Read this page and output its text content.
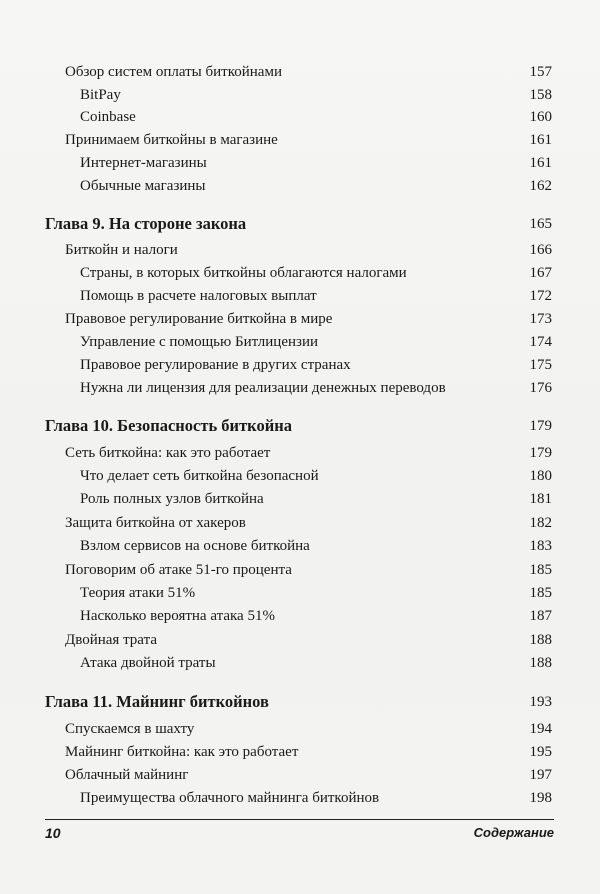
Обзор систем оплаты биткойнами	157
BitPay	158
Coinbase	160
Принимаем биткойны в магазине	161
Интернет-магазины	161
Обычные магазины	162
Глава 9. На стороне закона	165
Биткойн и налоги	166
Страны, в которых биткойны облагаются налогами	167
Помощь в расчете налоговых выплат	172
Правовое регулирование биткойна в мире	173
Управление с помощью Битлицензии	174
Правовое регулирование в других странах	175
Нужна ли лицензия для реализации денежных переводов	176
Глава 10. Безопасность биткойна	179
Сеть биткойна: как это работает	179
Что делает сеть биткойна безопасной	180
Роль полных узлов биткойна	181
Защита биткойна от хакеров	182
Взлом сервисов на основе биткойна	183
Поговорим об атаке 51-го процента	185
Теория атаки 51%	185
Насколько вероятна атака 51%	187
Двойная трата	188
Атака двойной траты	188
Глава 11. Майнинг биткойнов	193
Спускаемся в шахту	194
Майнинг биткойна: как это работает	195
Облачный майнинг	197
Преимущества облачного майнинга биткойнов	198
10	Содержание
